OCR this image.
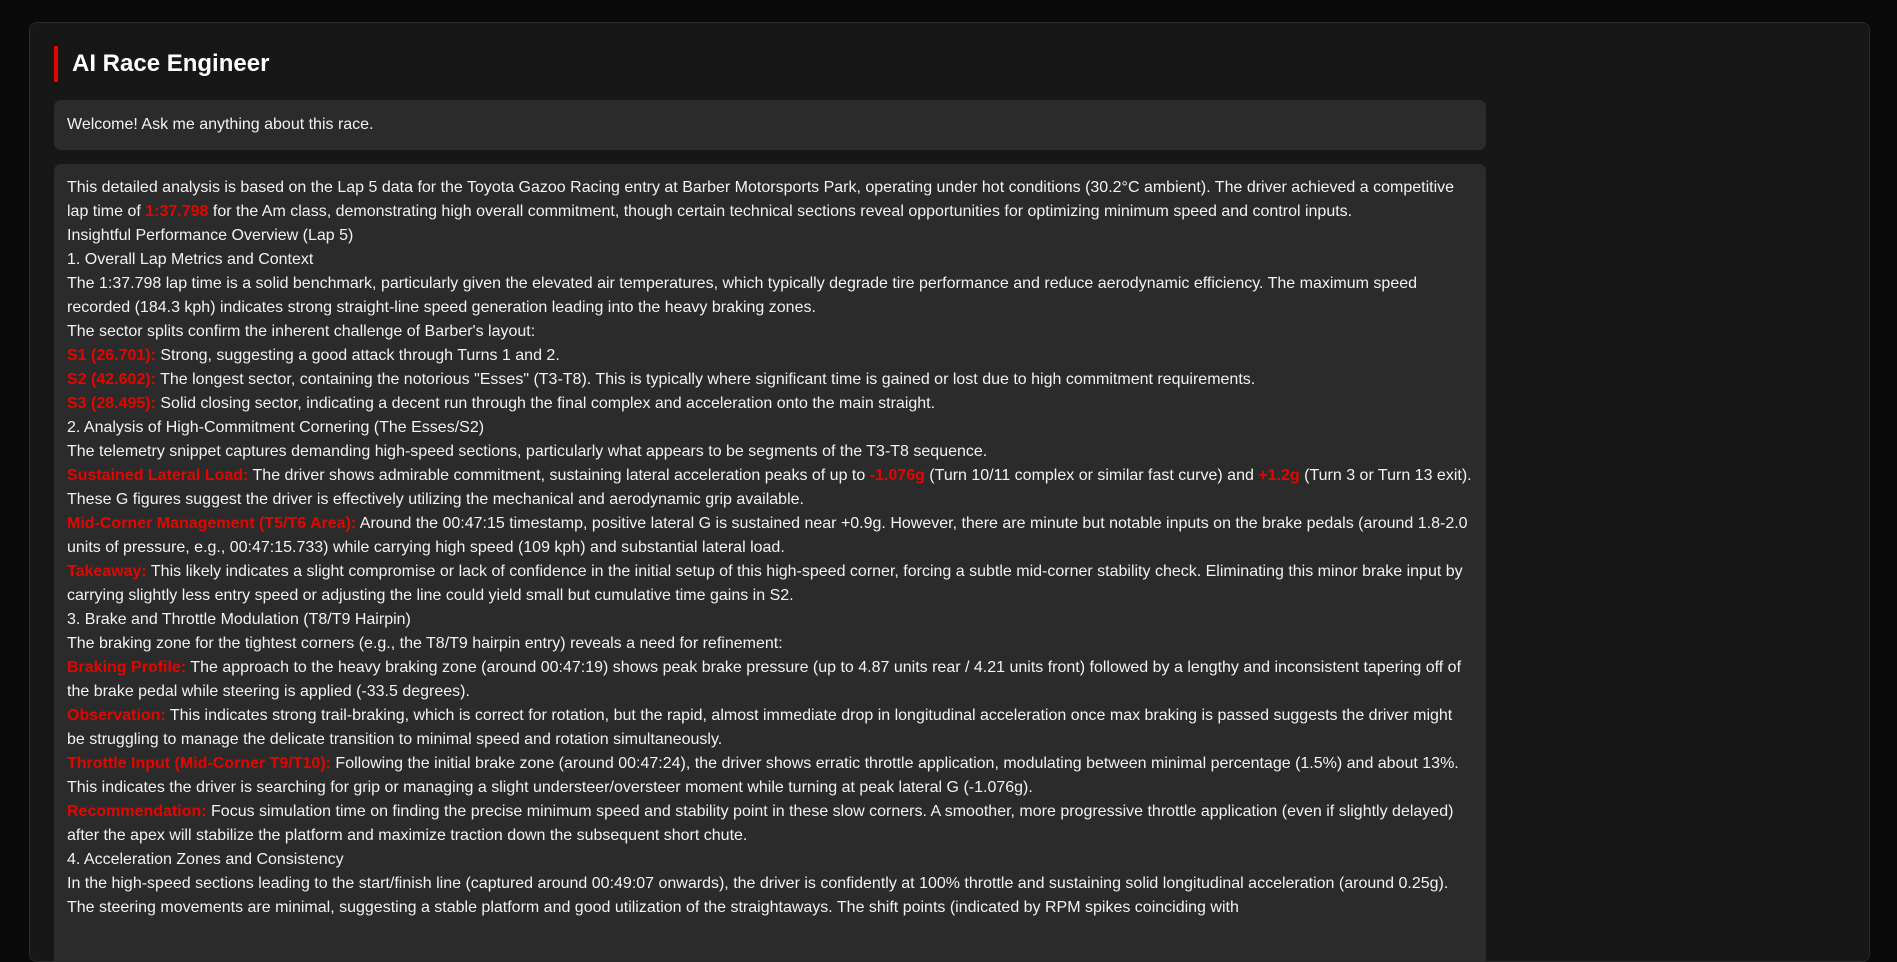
AI Race Engineer
Welcome! Ask me anything about this race.

This detailed analysis is based on the Lap 5 data for the Toyota Gazoo Racing entry at Barber Motorsports Park, operating under hot conditions (30.2°C ambient). The driver achieved a competitive lap time of 1:37.798 for the Am class, demonstrating high overall commitment, though certain technical sections reveal opportunities for optimizing minimum speed and control inputs.

Insightful Performance Overview (Lap 5)

1. Overall Lap Metrics and Context

The 1:37.798 lap time is a solid benchmark, particularly given the elevated air temperatures, which typically degrade tire performance and reduce aerodynamic efficiency. The maximum speed recorded (184.3 kph) indicates strong straight-line speed generation leading into the heavy braking zones.

The sector splits confirm the inherent challenge of Barber's layout:

S1 (26.701): Strong, suggesting a good attack through Turns 1 and 2.

S2 (42.602): The longest sector, containing the notorious "Esses" (T3-T8). This is typically where significant time is gained or lost due to high commitment requirements.

S3 (28.495): Solid closing sector, indicating a decent run through the final complex and acceleration onto the main straight.

2. Analysis of High-Commitment Cornering (The Esses/S2)

The telemetry snippet captures demanding high-speed sections, particularly what appears to be segments of the T3-T8 sequence.

Sustained Lateral Load: The driver shows admirable commitment, sustaining lateral acceleration peaks of up to -1.076g (Turn 10/11 complex or similar fast curve) and +1.2g (Turn 3 or Turn 13 exit). These G figures suggest the driver is effectively utilizing the mechanical and aerodynamic grip available.

Mid-Corner Management (T5/T6 Area): Around the 00:47:15 timestamp, positive lateral G is sustained near +0.9g. However, there are minute but notable inputs on the brake pedals (around 1.8-2.0 units of pressure, e.g., 00:47:15.733) while carrying high speed (109 kph) and substantial lateral load.

Takeaway: This likely indicates a slight compromise or lack of confidence in the initial setup of this high-speed corner, forcing a subtle mid-corner stability check. Eliminating this minor brake input by carrying slightly less entry speed or adjusting the line could yield small but cumulative time gains in S2.

3. Brake and Throttle Modulation (T8/T9 Hairpin)

The braking zone for the tightest corners (e.g., the T8/T9 hairpin entry) reveals a need for refinement:

Braking Profile: The approach to the heavy braking zone (around 00:47:19) shows peak brake pressure (up to 4.87 units rear / 4.21 units front) followed by a lengthy and inconsistent tapering off of the brake pedal while steering is applied (-33.5 degrees).

Observation: This indicates strong trail-braking, which is correct for rotation, but the rapid, almost immediate drop in longitudinal acceleration once max braking is passed suggests the driver might be struggling to manage the delicate transition to minimal speed and rotation simultaneously.

Throttle Input (Mid-Corner T9/T10): Following the initial brake zone (around 00:47:24), the driver shows erratic throttle application, modulating between minimal percentage (1.5%) and about 13%. This indicates the driver is searching for grip or managing a slight understeer/oversteer moment while turning at peak lateral G (-1.076g).

Recommendation: Focus simulation time on finding the precise minimum speed and stability point in these slow corners. A smoother, more progressive throttle application (even if slightly delayed) after the apex will stabilize the platform and maximize traction down the subsequent short chute.

4. Acceleration Zones and Consistency

In the high-speed sections leading to the start/finish line (captured around 00:49:07 onwards), the driver is confidently at 100% throttle and sustaining solid longitudinal acceleration (around 0.25g). The steering movements are minimal, suggesting a stable platform and good utilization of the straightaways. The shift points (indicated by RPM spikes coinciding with
